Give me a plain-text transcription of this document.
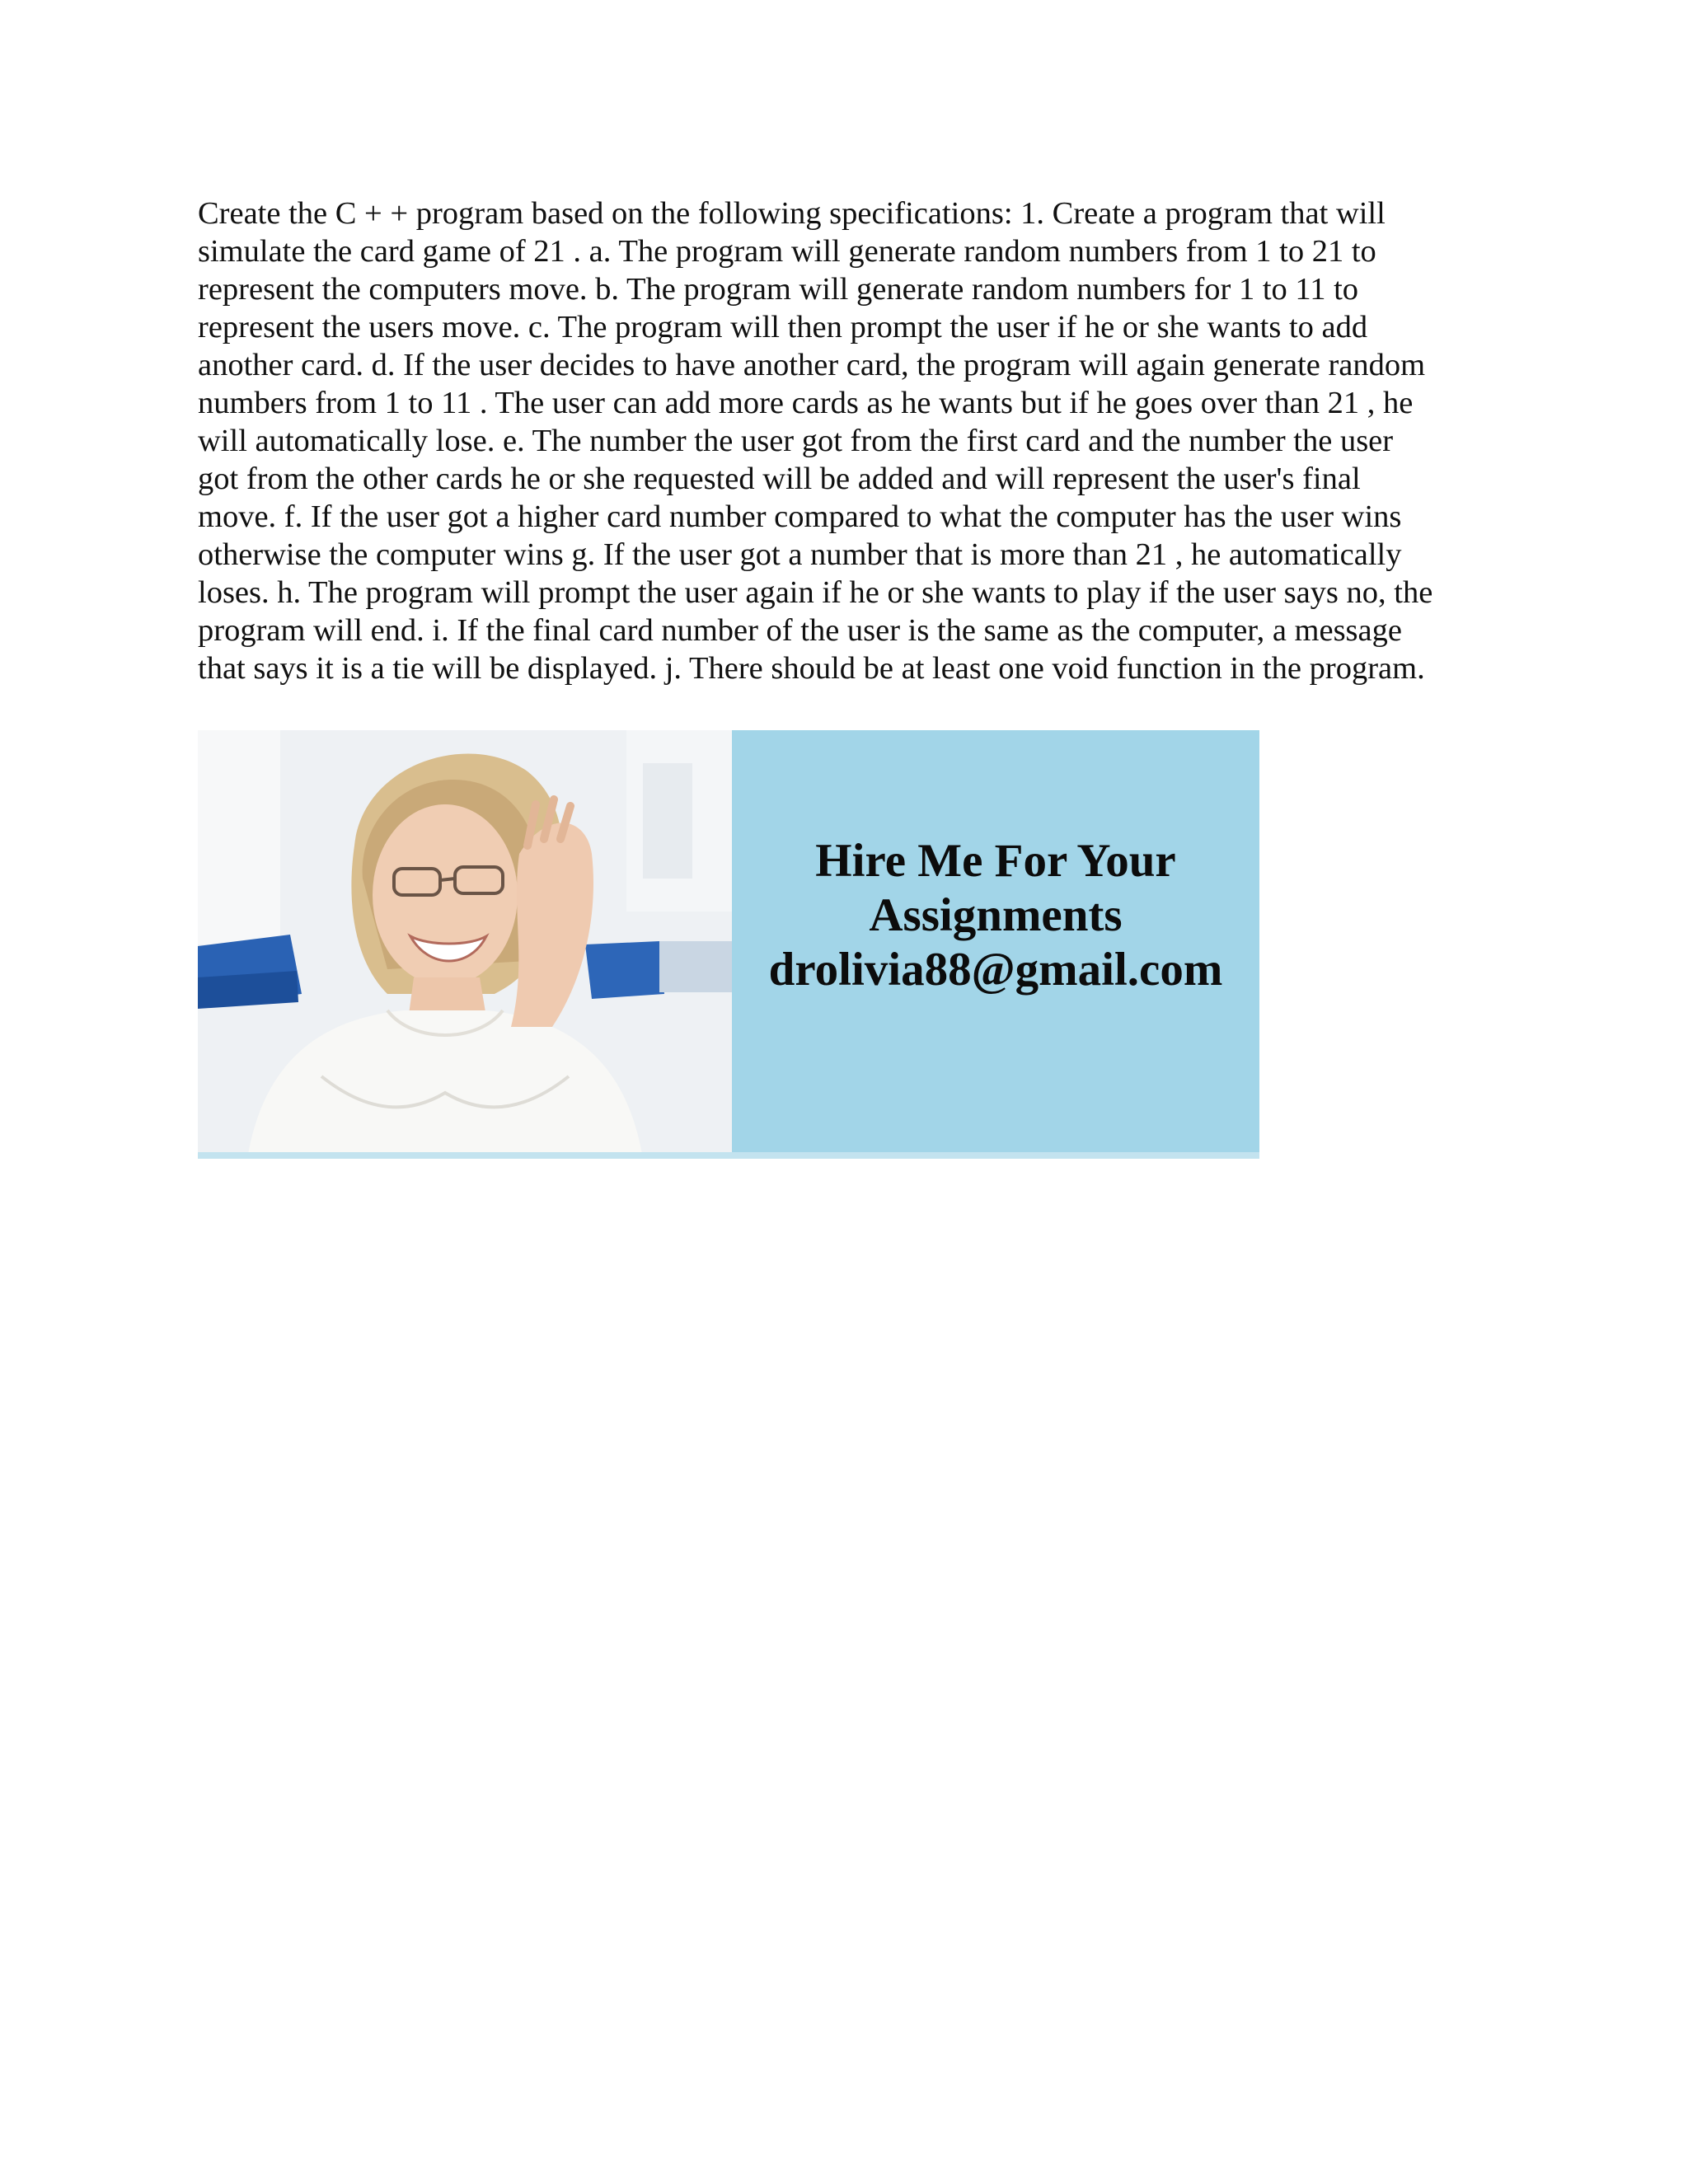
Create the C + + program based on the following specifications: 1. Create a program that will
simulate the card game of 21 . a. The program will generate random numbers from 1 to 21 to
represent the computers move. b. The program will generate random numbers for 1 to 11 to
represent the users move. c. The program will then prompt the user if he or she wants to add
another card. d. If the user decides to have another card, the program will again generate random
numbers from 1 to 11 . The user can add more cards as he wants but if he goes over than 21 , he
will automatically lose. e. The number the user got from the first card and the number the user
got from the other cards he or she requested will be added and will represent the user's final
move. f. If the user got a higher card number compared to what the computer has the user wins
otherwise the computer wins g. If the user got a number that is more than 21 , he automatically
loses. h. The program will prompt the user again if he or she wants to play if the user says no, the
program will end. i. If the final card number of the user is the same as the computer, a message
that says it is a tie will be displayed. j. There should be at least one void function in the program.

Hire Me For Your
Assignments
drolivia88@gmail.com
